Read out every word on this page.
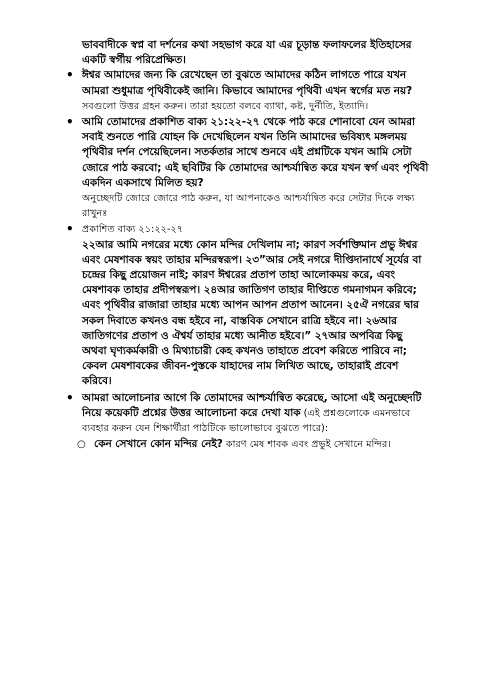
ভাববাদীকে স্বপ্ন বা দর্শনের কথা সহভাগ করে যা এর চূড়ান্ত ফলাফলের ইতিহাসের একটি স্বর্গীয় পরিপ্রেক্ষিত।

• ঈশ্বর আমাদের জন্য কি রেখেছেন তা বুঝতে আমাদের কঠিন লাগতে পারে যখন আমরা শুধুমাত্র পৃথিবীকেই জানি। কিভাবে আমাদের পৃথিবী এখন স্বর্গের মত নয়? সবগুলো উত্তর গ্রহন করুন। তারা হয়তো বলবে ব্যাথা, কষ্ট, দুর্নীতি, ইত্যাদি।

• আমি তোমাদের প্রকাশিত বাক্য ২১:২২-২৭ থেকে পাঠ করে শোনাবো যেন আমরা সবাই শুনতে পারি যোহন কি দেখেছিলেন যখন তিনি আমাদের ভবিষ্যৎ মঙ্গলময় পৃথিবীর দর্শন পেয়েছিলেন। সতর্কতার সাথে শুনবে এই প্রশ্নটিকে যখন আমি সেটা জোরে পাঠ করবো; এই ছবিটির কি তোমাদের আশ্চর্যান্বিত করে যখন স্বর্গ এবং পৃথিবী একদিন একসাথে মিলিত হয়?

অনুচ্ছেদটি জোরে জোরে পাঠ করুন, যা আপনাকেও আশ্চর্যান্বিত করে সেটার দিকে লক্ষ্য রাখুনঃ

• প্রকাশিত বাক্য ২১:২২-২৭

২২আর আমি নগরের মধ্যে কোন মন্দির দেখিলাম না; কারণ সর্বশক্তিমান প্রভু ঈশ্বর এবং মেষশাবক স্বয়ং তাহার মন্দিরস্বরূপ। ২৩”আর সেই নগরে দীপ্তিদানার্থে সূর্যের বা চন্দ্রের কিছু প্রয়োজন নাই; কারণ ঈশ্বরের প্রতাপ তাহা আলোকময় করে, এবং মেষশাবক তাহার প্রদীপস্বরূপ। ২৪আর জাতিগণ তাহার দীপ্তিতে গমনাগমন করিবে; এবং পৃথিবীর রাজারা তাহার মধ্যে আপন আপন প্রতাপ আনেন। ২৫ঐ নগরের দ্বার সকল দিবাতে কখনও বন্ধ হইবে না, বাস্তবিক সেখানে রাত্রি হইবে না। ২৬আর জাতিগণের প্রতাপ ও ঐশ্বর্য তাহার মধ্যে আনীত হইবে।” ২৭আর অপবিত্র কিছু অথবা ঘৃণ্যকর্মকারী ও মিথ্যাচারী কেহ কখনও তাহাতে প্রবেশ করিতে পারিবে না; কেবল মেষশাবকের জীবন-পুস্তকে যাহাদের নাম লিখিত আছে, তাহারাই প্রবেশ করিবে।

• আমরা আলোচনার আগে কি তোমাদের আশ্চর্যান্বিত করেছে, আসো এই অনুচ্ছেদটি নিয়ে কয়েকটি প্রশ্নের উত্তর আলোচনা করে দেখা যাক (এই প্রশ্নগুলোকে এমনভাবে ব্যবহার করুন যেন শিক্ষার্থীরা পাঠটিকে ভালোভাবে বুঝতে পারে):

○ কেন সেখানে কোন মন্দির নেই? কারণ মেষ শাবক এবং প্রভুই সেখানে মন্দির।
